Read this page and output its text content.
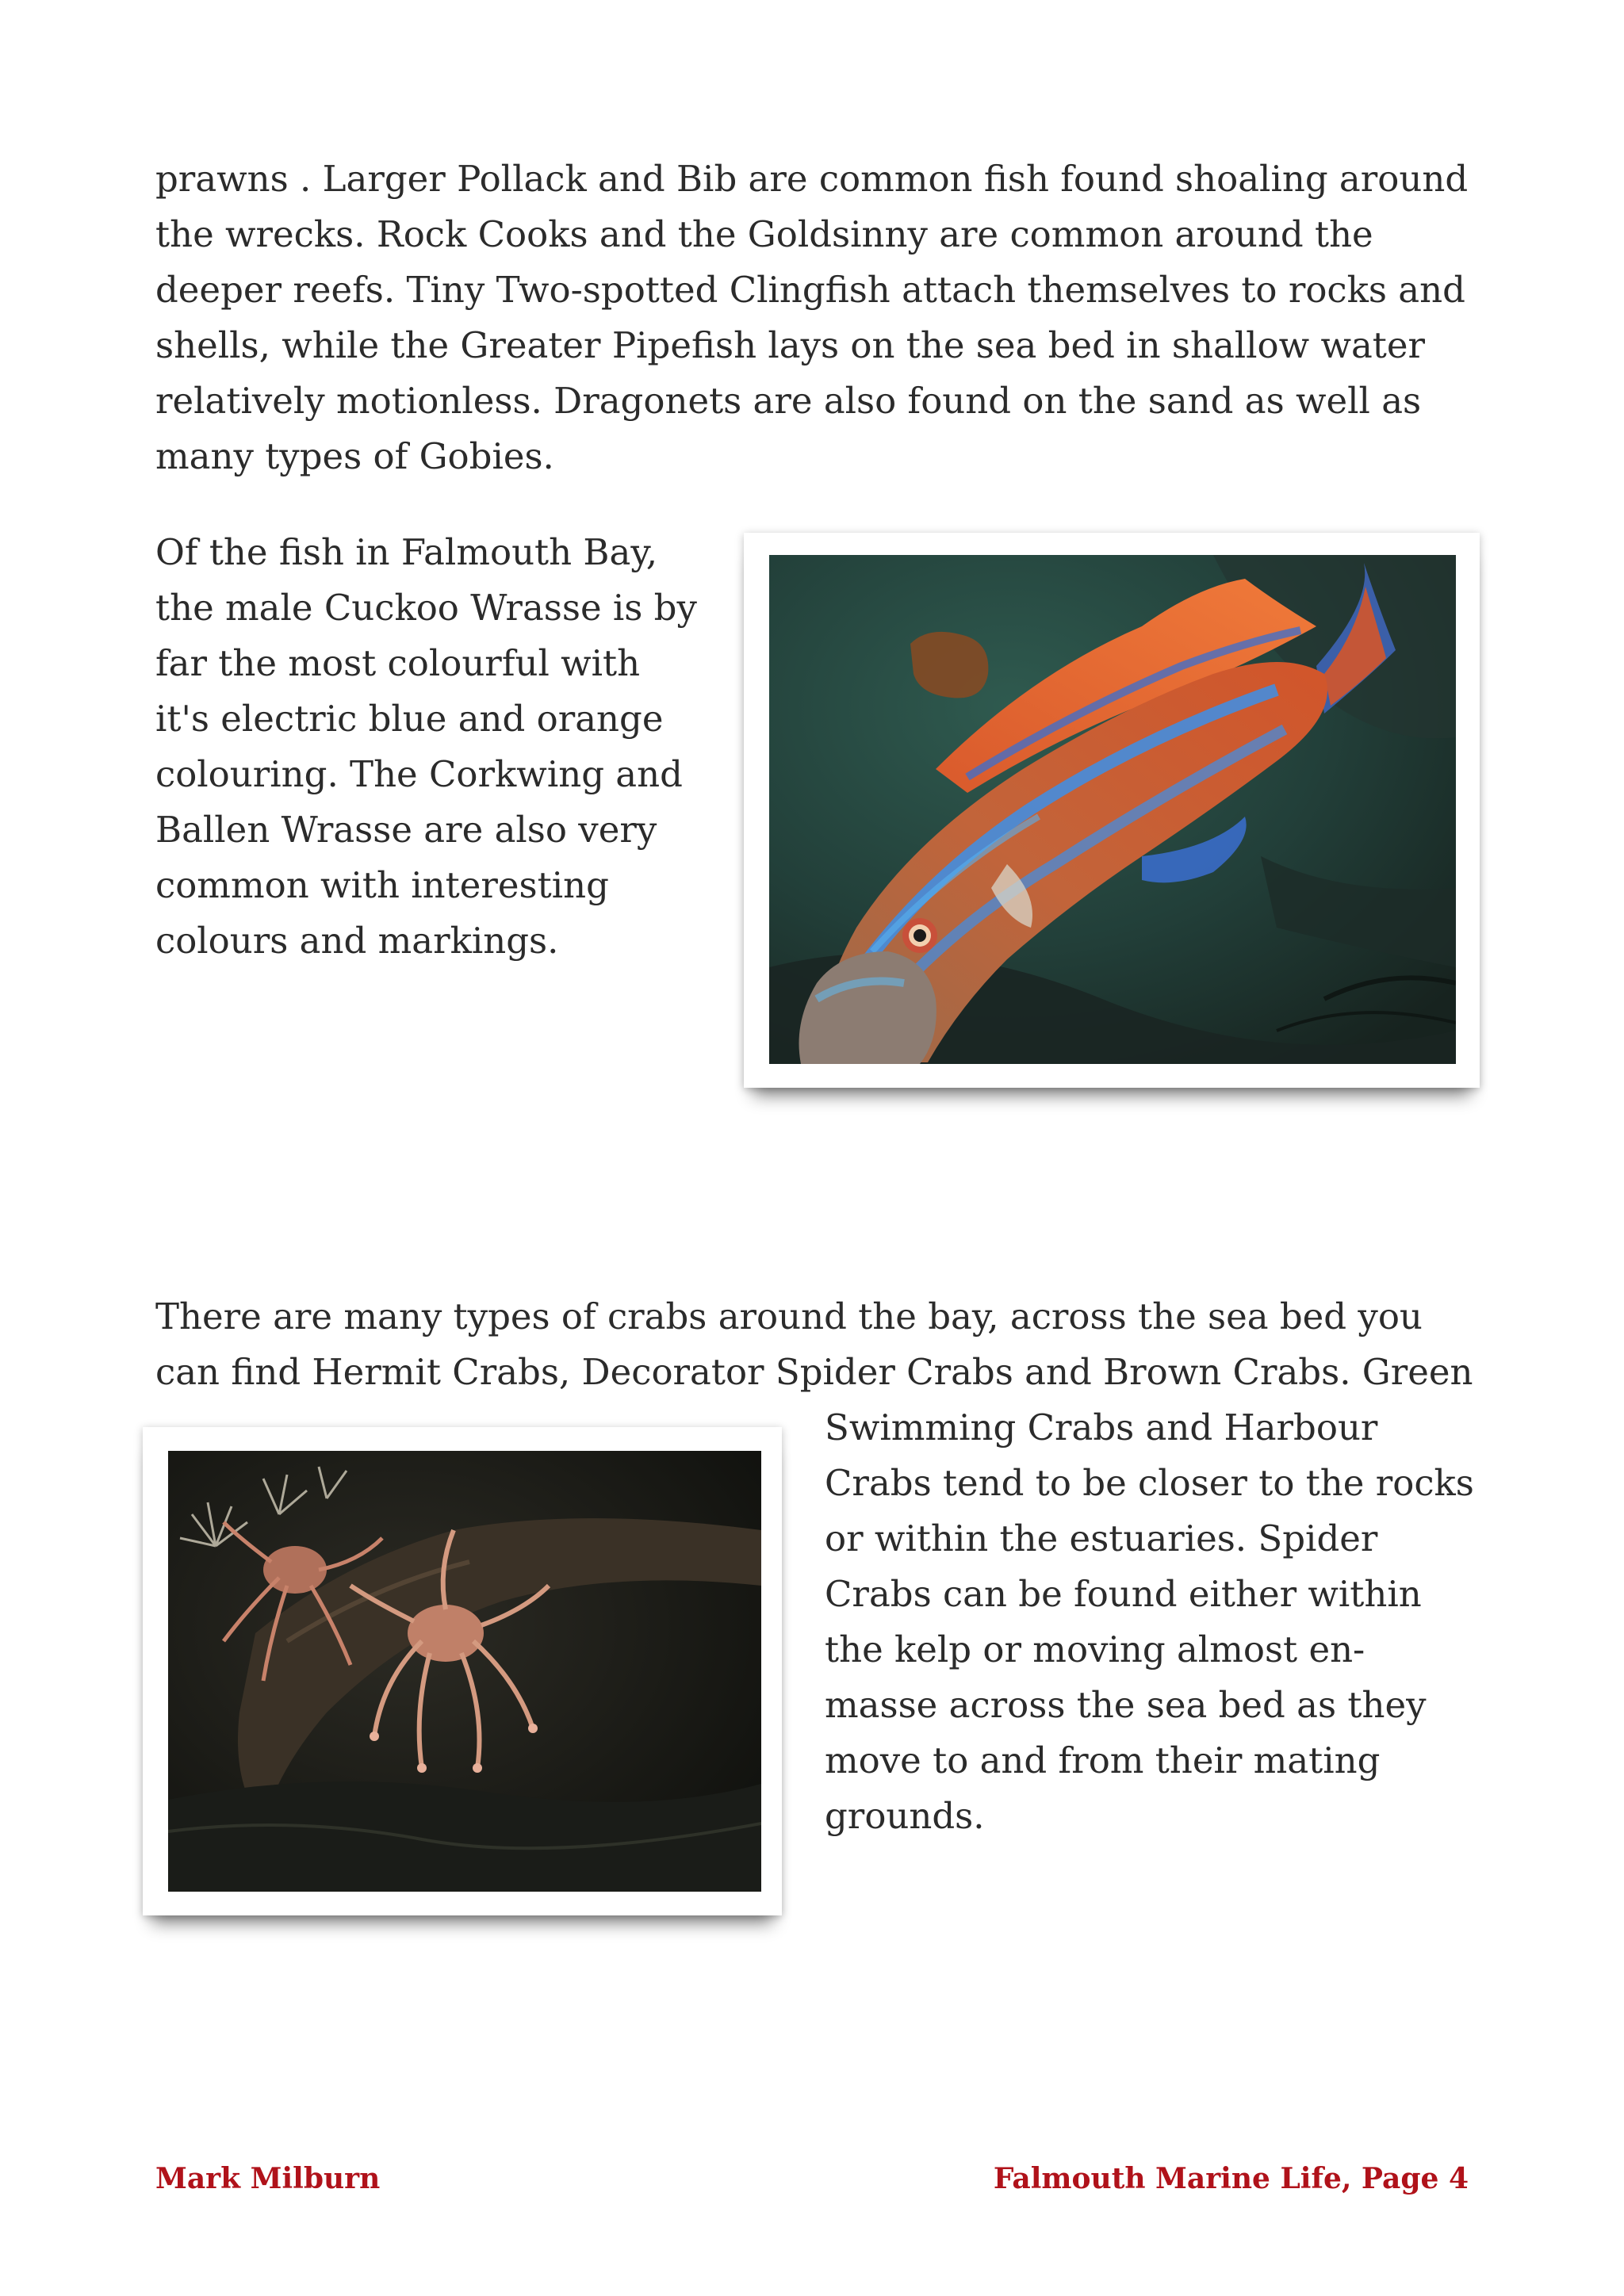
prawns . Larger Pollack and Bib are common fish found shoaling around
the wrecks. Rock Cooks and the Goldsinny are common around the
deeper reefs. Tiny Two-spotted Clingfish attach themselves to rocks and
shells, while the Greater Pipefish lays on the sea bed in shallow water
relatively motionless. Dragonets are also found on the sand as well as
many types of Gobies.

Of the fish in Falmouth Bay,
the male Cuckoo Wrasse is by
far the most colourful with
it's electric blue and orange
colouring. The Corkwing and
Ballen Wrasse are also very
common with interesting
colours and markings.

There are many types of crabs around the bay, across the sea bed you
can find Hermit Crabs, Decorator Spider Crabs and Brown Crabs. Green

Swimming Crabs and Harbour
Crabs tend to be closer to the rocks
or within the estuaries. Spider
Crabs can be found either within
the kelp or moving almost en-
masse across the sea bed as they
move to and from their mating
grounds.

Mark Milburn	Falmouth Marine Life, Page 4
